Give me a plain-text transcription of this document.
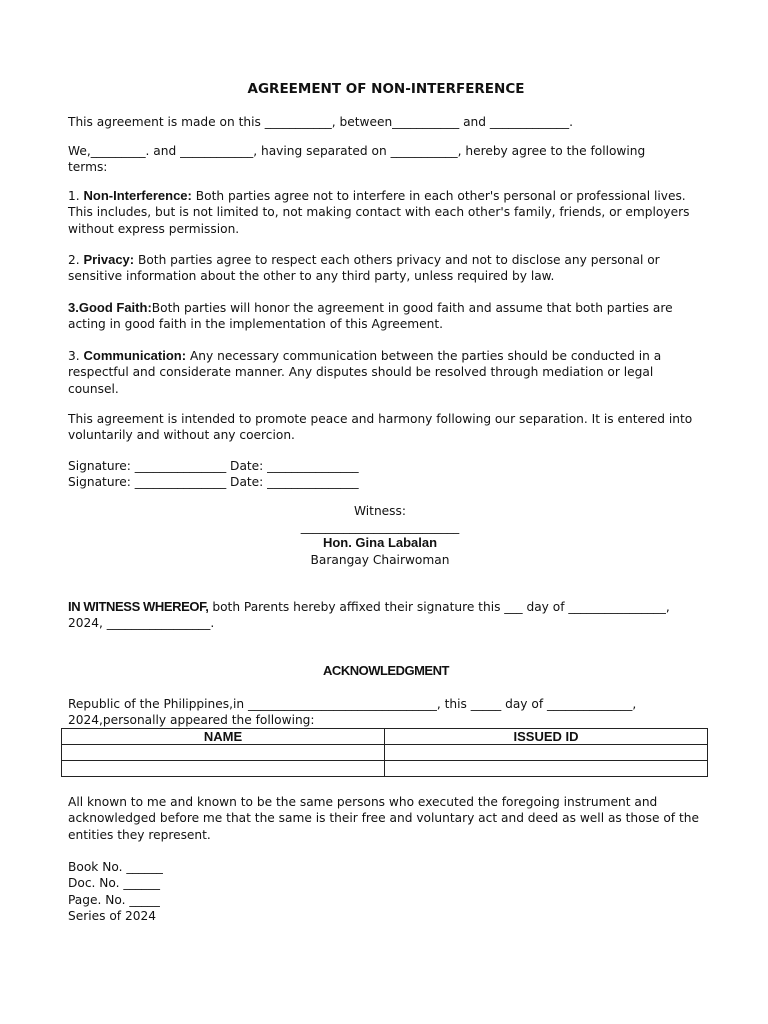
AGREEMENT OF NON-INTERFERENCE
This agreement is made on this ___________, between___________ and _____________.
We,_________. and ____________, having separated on ___________, hereby agree to the following
terms:
1. Non-Interference: Both parties agree not to interfere in each other's personal or professional lives. This includes, but is not limited to, not making contact with each other's family, friends, or employers without express permission.
2. Privacy: Both parties agree to respect each others privacy and not to disclose any personal or sensitive information about the other to any third party, unless required by law.
3.Good Faith:Both parties will honor the agreement in good faith and assume that both parties are acting in good faith in the implementation of this Agreement.
3. Communication: Any necessary communication between the parties should be conducted in a respectful and considerate manner. Any disputes should be resolved through mediation or legal counsel.
This agreement is intended to promote peace and harmony following our separation. It is entered into voluntarily and without any coercion.
Signature: _______________ Date: _______________
Signature: _______________ Date: _______________
Witness:
__________________________
Hon. Gina Labalan
Barangay Chairwoman
IN WITNESS WHEREOF, both Parents hereby affixed their signature this ___ day of ________________, 2024, _________________.
ACKNOWLEDGMENT
Republic of the Philippines,in _______________________________, this _____ day of ______________, 2024,personally appeared the following:
NAME	ISSUED ID

All known to me and known to be the same persons who executed the foregoing instrument and acknowledged before me that the same is their free and voluntary act and deed as well as those of the entities they represent.
Book No. ______
Doc. No. ______
Page. No. _____
Series of 2024
